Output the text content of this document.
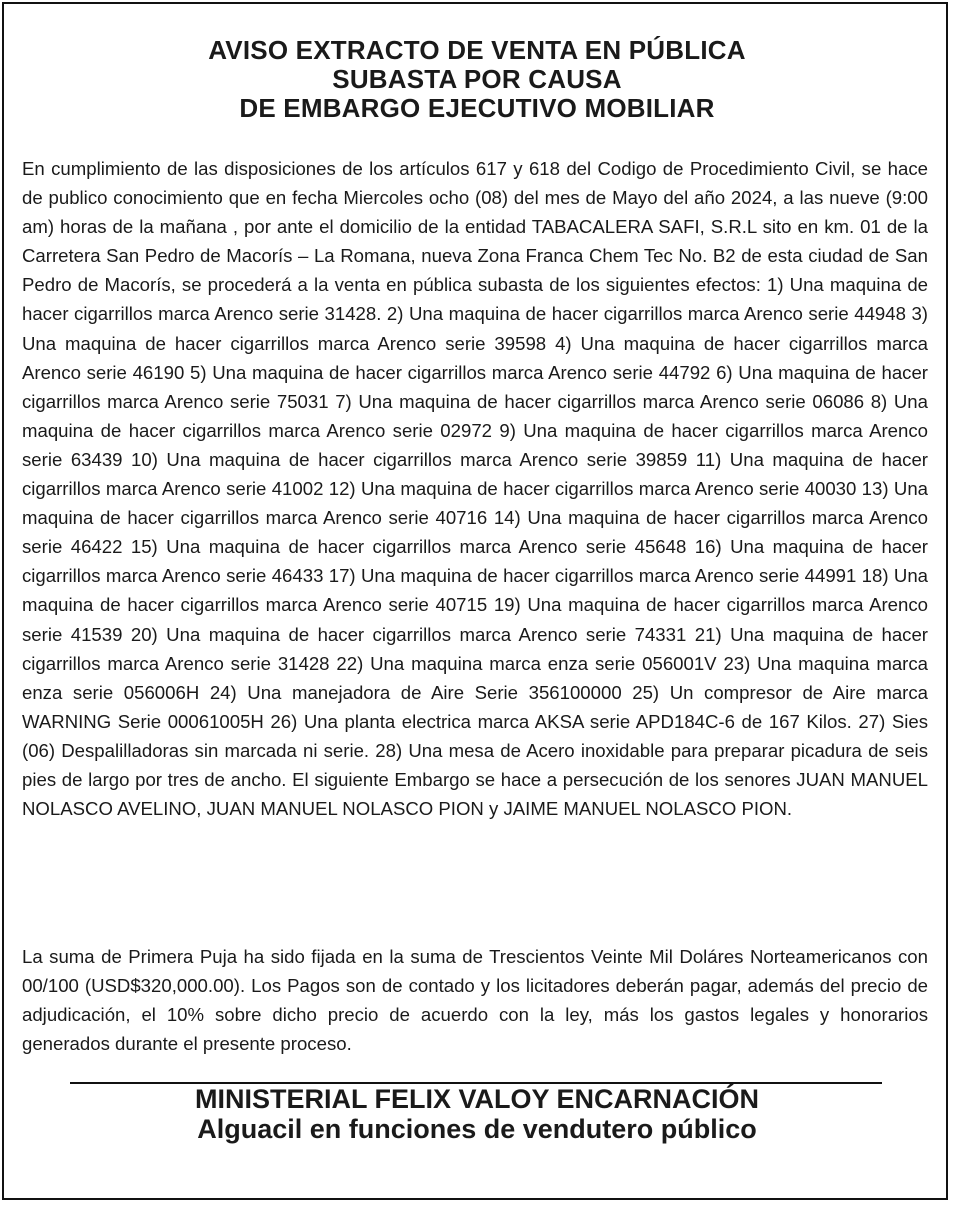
AVISO EXTRACTO DE VENTA EN PÚBLICA
SUBASTA POR CAUSA
DE EMBARGO EJECUTIVO MOBILIAR

En cumplimiento de las disposiciones de los artículos 617 y 618 del Codigo de Procedimiento Civil, se hace de publico conocimiento que en fecha Miercoles ocho (08) del mes de Mayo del año 2024, a las nueve (9:00 am) horas de la mañana , por ante el domicilio de la entidad TABACALERA SAFI, S.R.L sito en km. 01 de la Carretera San Pedro de Macorís – La Romana, nueva Zona Franca Chem Tec No. B2 de esta ciudad de San Pedro de Macorís, se procederá a la venta en pública subasta de los siguientes efectos: 1) Una maquina de hacer cigarrillos marca Arenco serie 31428. 2) Una maquina de hacer cigarrillos marca Arenco serie 44948 3) Una maquina de hacer cigarrillos marca Arenco serie 39598 4) Una maquina de hacer cigarrillos marca Arenco serie 46190 5) Una maquina de hacer cigarrillos marca Arenco serie 44792 6) Una maquina de hacer cigarrillos marca Arenco serie 75031 7) Una maquina de hacer cigarrillos marca Arenco serie 06086 8) Una maquina de hacer cigarrillos marca Arenco serie 02972 9) Una maquina de hacer cigarrillos marca Arenco serie 63439 10) Una maquina de hacer cigarrillos marca Arenco serie 39859 11) Una maquina de hacer cigarrillos marca Arenco serie 41002 12) Una maquina de hacer cigarrillos marca Arenco serie 40030 13) Una maquina de hacer cigarrillos marca Arenco serie 40716 14) Una maquina de hacer cigarrillos marca Arenco serie 46422 15) Una maquina de hacer cigarrillos marca Arenco serie 45648 16) Una maquina de hacer cigarrillos marca Arenco serie 46433 17) Una maquina de hacer cigarrillos marca Arenco serie 44991 18) Una maquina de hacer cigarrillos marca Arenco serie 40715 19) Una maquina de hacer cigarrillos marca Arenco serie 41539 20) Una maquina de hacer cigarrillos marca Arenco serie 74331 21) Una maquina de hacer cigarrillos marca Arenco serie 31428 22) Una maquina marca enza serie 056001V 23) Una maquina marca enza serie 056006H 24) Una manejadora de Aire Serie 356100000 25) Un compresor de Aire marca WARNING Serie 00061005H 26) Una planta electrica marca AKSA serie APD184C-6 de 167 Kilos. 27) Sies (06) Despalilladoras sin marcada ni serie. 28) Una mesa de Acero inoxidable para preparar picadura de seis pies de largo por tres de ancho. El siguiente Embargo se hace a persecución de los senores JUAN MANUEL NOLASCO AVELINO, JUAN MANUEL NOLASCO PION y JAIME MANUEL NOLASCO PION.

La suma de Primera Puja ha sido fijada en la suma de Trescientos Veinte Mil Doláres Norteamericanos con 00/100 (USD$320,000.00). Los Pagos son de contado y los licitadores deberán pagar, además del precio de adjudicación, el 10% sobre dicho precio de acuerdo con la ley, más los gastos legales y honorarios generados durante el presente proceso.

MINISTERIAL FELIX VALOY ENCARNACIÓN
Alguacil en funciones de vendutero público
